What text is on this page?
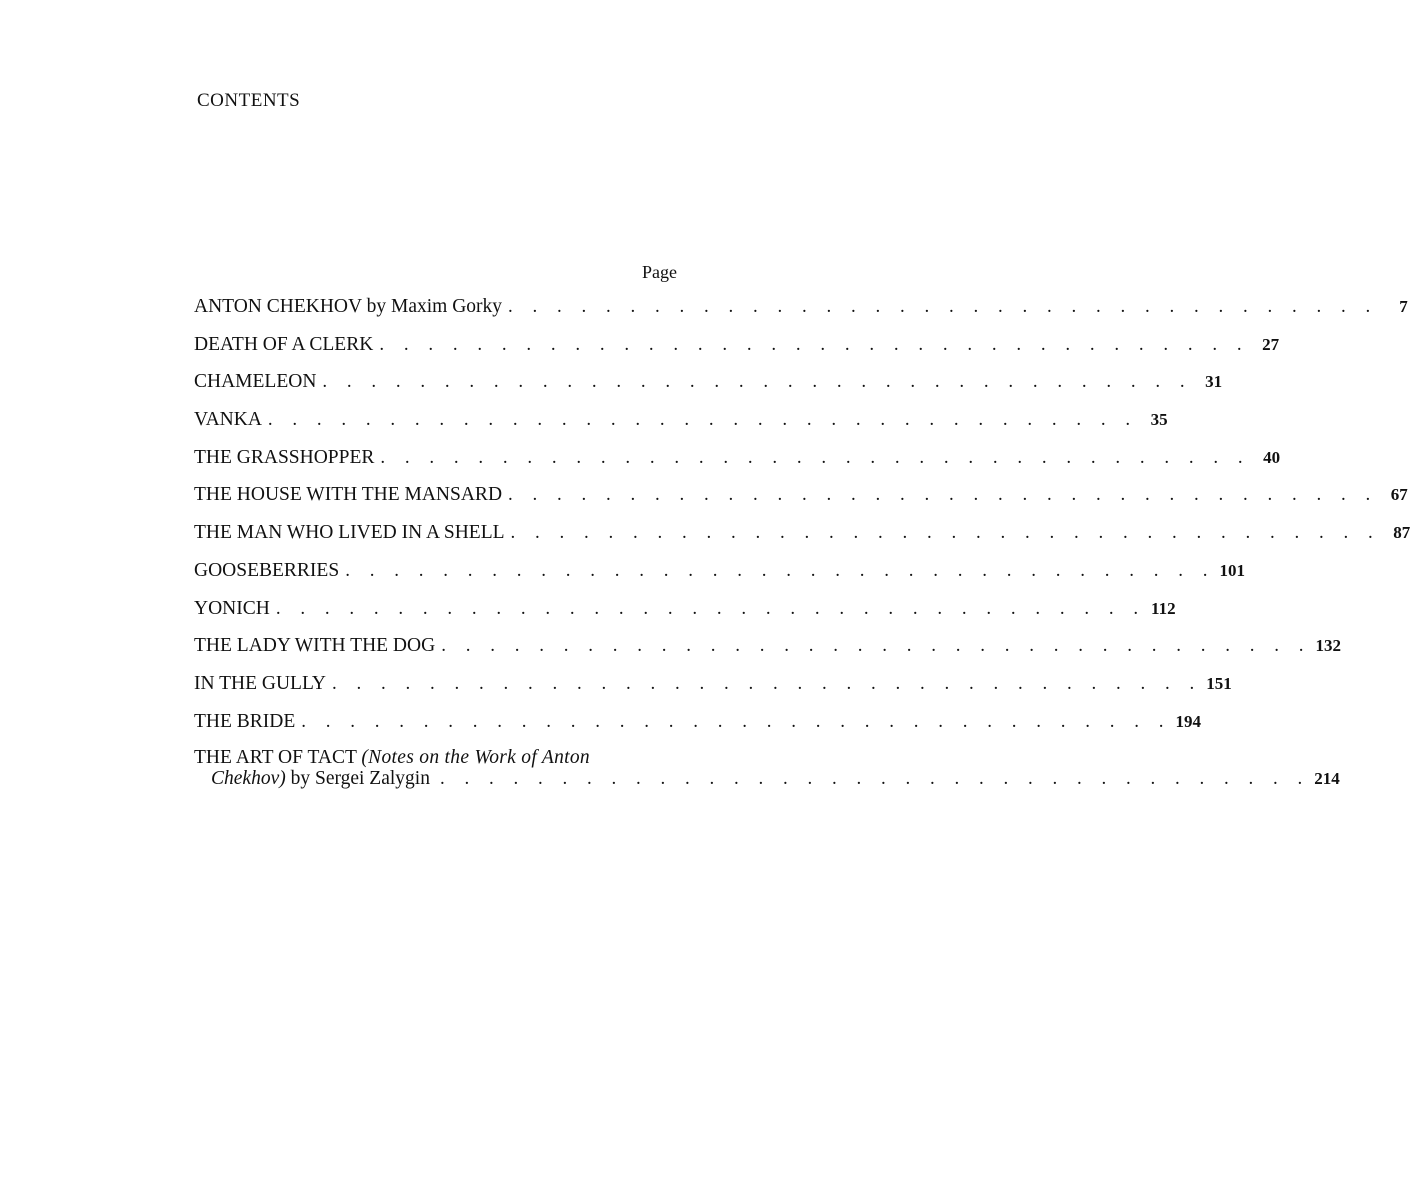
CONTENTS
Page
ANTON CHEKHOV by Maxim Gorky . . . . . . . . . . . . . . . . . . . . . . . . . . . . . . . . . . . .	7
DEATH OF A CLERK . . . . . . . . . . . . . . . . . . . . . . . . . . . . . . . . . . . . 27
CHAMELEON . . . . . . . . . . . . . . . . . . . . . . . . . . . . . . . . . . . . 31
VANKA . . . . . . . . . . . . . . . . . . . . . . . . . . . . . . . . . . . . 35
THE GRASSHOPPER . . . . . . . . . . . . . . . . . . . . . . . . . . . . . . . . . . . . 40
THE HOUSE WITH THE MANSARD . . . . . . . . . . . . . . . . . . . . . . . . . . . . . . . . . . . . 67
THE MAN WHO LIVED IN A SHELL . . . . . . . . . . . . . . . . . . . . . . . . . . . . . . . . . . . . 87
GOOSEBERRIES . . . . . . . . . . . . . . . . . . . . . . . . . . . . . . . . . . . . 101
YONICH . . . . . . . . . . . . . . . . . . . . . . . . . . . . . . . . . . . . 112
THE LADY WITH THE DOG . . . . . . . . . . . . . . . . . . . . . . . . . . . . . . . . . . . . 132
IN THE GULLY . . . . . . . . . . . . . . . . . . . . . . . . . . . . . . . . . . . . 151
THE BRIDE . . . . . . . . . . . . . . . . . . . . . . . . . . . . . . . . . . . . 194
THE ART OF TACT (Notes on the Work of Anton
Chekhov)
by Sergei Zalygin . . . . . . . . . . . . . . . . . . . . . . . . . . . . . . . . . . . . 214
